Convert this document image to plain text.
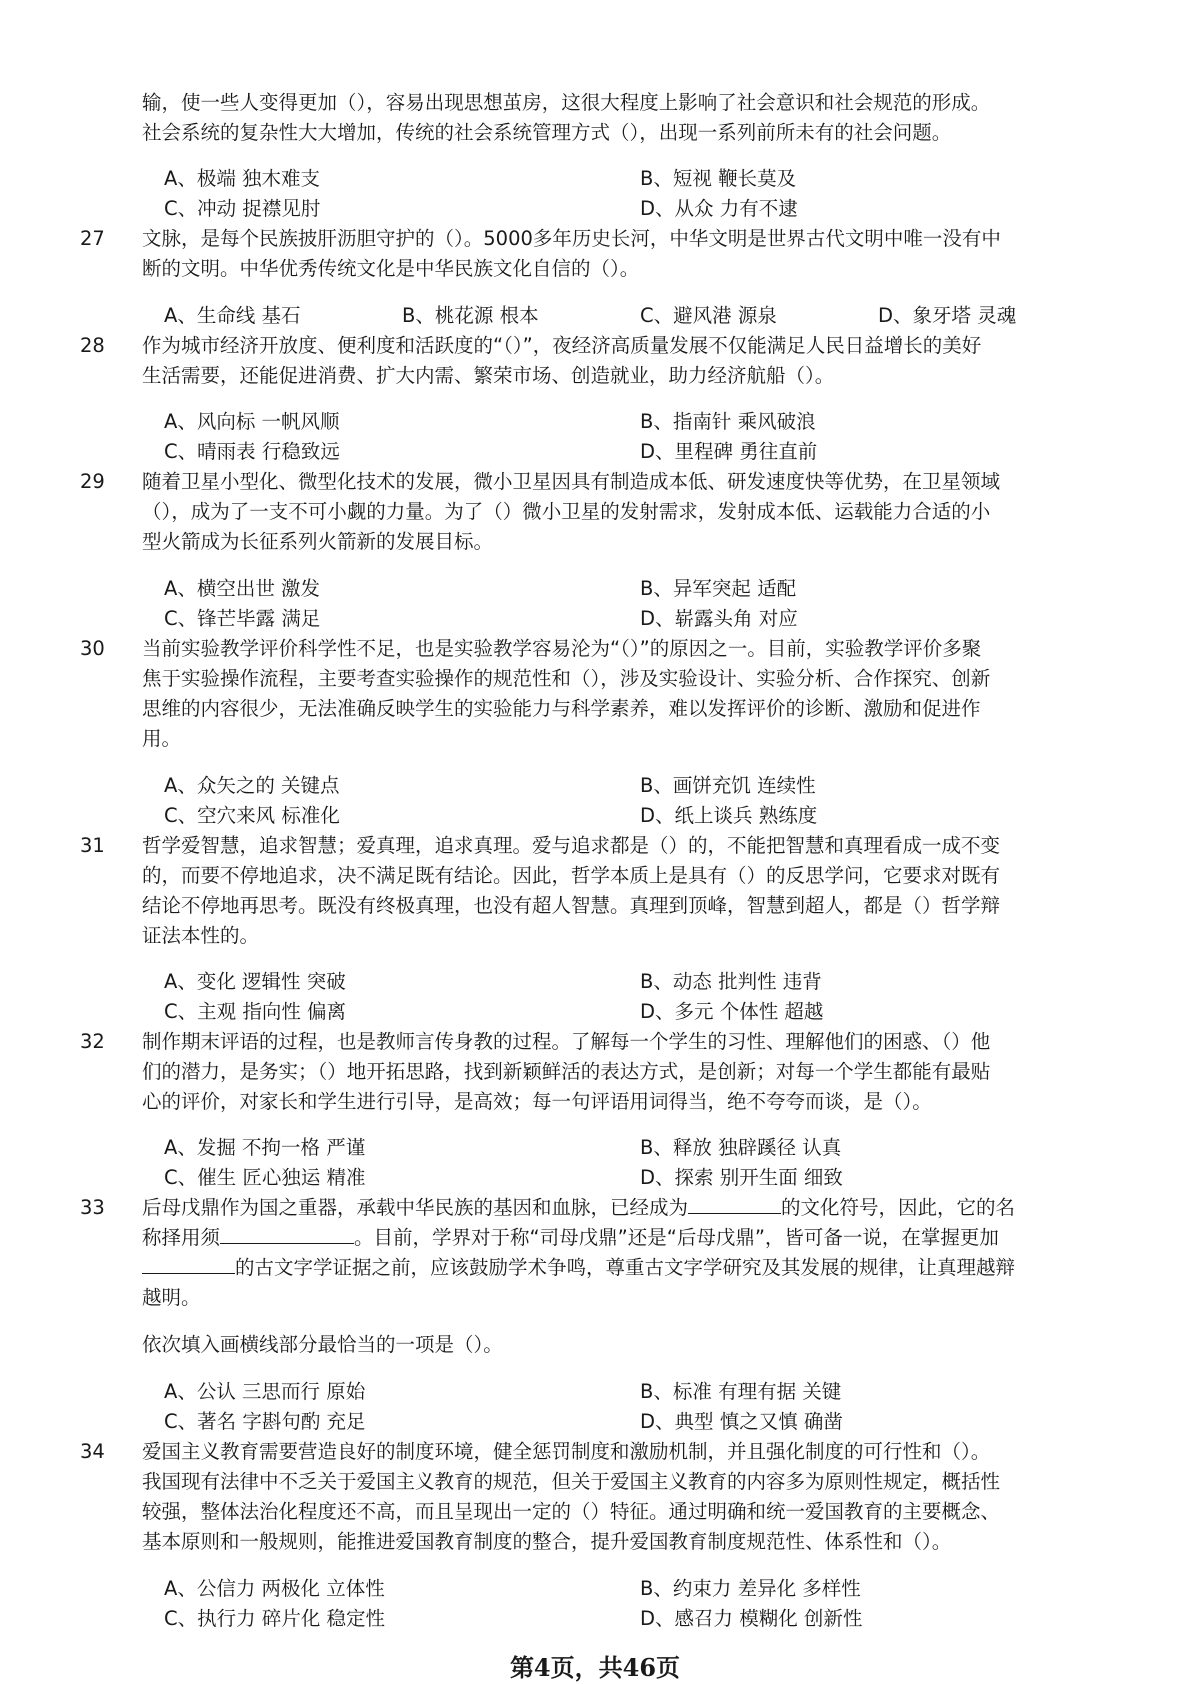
输，使一些人变得更加（），容易出现思想茧房，这很大程度上影响了社会意识和社会规范的形成。
社会系统的复杂性大大增加，传统的社会系统管理方式（），出现一系列前所未有的社会问题。
A、极端 独木难支	B、短视 鞭长莫及
C、冲动 捉襟见肘	D、从众 力有不逮
27 文脉，是每个民族披肝沥胆守护的（）。5000多年历史长河，中华文明是世界古代文明中唯一没有中
断的文明。中华优秀传统文化是中华民族文化自信的（）。
A、生命线 基石	B、桃花源 根本	C、避风港 源泉	D、象牙塔 灵魂
28 作为城市经济开放度、便利度和活跃度的“（）”，夜经济高质量发展不仅能满足人民日益增长的美好
生活需要，还能促进消费、扩大内需、繁荣市场、创造就业，助力经济航船（）。
A、风向标 一帆风顺	B、指南针 乘风破浪
C、晴雨表 行稳致远	D、里程碑 勇往直前
29 随着卫星小型化、微型化技术的发展，微小卫星因具有制造成本低、研发速度快等优势，在卫星领域
（），成为了一支不可小觑的力量。为了（）微小卫星的发射需求，发射成本低、运载能力合适的小
型火箭成为长征系列火箭新的发展目标。
A、横空出世 激发	B、异军突起 适配
C、锋芒毕露 满足	D、崭露头角 对应
30 当前实验教学评价科学性不足，也是实验教学容易沦为“（）”的原因之一。目前，实验教学评价多聚
焦于实验操作流程，主要考查实验操作的规范性和（），涉及实验设计、实验分析、合作探究、创新
思维的内容很少，无法准确反映学生的实验能力与科学素养，难以发挥评价的诊断、激励和促进作
用。
A、众矢之的 关键点	B、画饼充饥 连续性
C、空穴来风 标准化	D、纸上谈兵 熟练度
31 哲学爱智慧，追求智慧；爱真理，追求真理。爱与追求都是（）的，不能把智慧和真理看成一成不变
的，而要不停地追求，决不满足既有结论。因此，哲学本质上是具有（）的反思学问，它要求对既有
结论不停地再思考。既没有终极真理，也没有超人智慧。真理到顶峰，智慧到超人，都是（）哲学辩
证法本性的。
A、变化 逻辑性 突破	B、动态 批判性 违背
C、主观 指向性 偏离	D、多元 个体性 超越
32 制作期末评语的过程，也是教师言传身教的过程。了解每一个学生的习性、理解他们的困惑、（）他
们的潜力，是务实；（）地开拓思路，找到新颖鲜活的表达方式，是创新；对每一个学生都能有最贴
心的评价，对家长和学生进行引导，是高效；每一句评语用词得当，绝不夸夸而谈，是（）。
A、发掘 不拘一格 严谨	B、释放 独辟蹊径 认真
C、催生 匠心独运 精准	D、探索 别开生面 细致
33 后母戊鼎作为国之重器，承载中华民族的基因和血脉，已经成为	的文化符号，因此，它的名
称择用须	。目前，学界对于称“司母戊鼎”还是“后母戊鼎”，皆可备一说，在掌握更加
的古文字学证据之前，应该鼓励学术争鸣，尊重古文字学研究及其发展的规律，让真理越辩
越明。
依次填入画横线部分最恰当的一项是（）。
A、公认 三思而行 原始	B、标准 有理有据 关键
C、著名 字斟句酌 充足	D、典型 慎之又慎 确凿
34 爱国主义教育需要营造良好的制度环境，健全惩罚制度和激励机制，并且强化制度的可行性和（）。
我国现有法律中不乏关于爱国主义教育的规范，但关于爱国主义教育的内容多为原则性规定，概括性
较强，整体法治化程度还不高，而且呈现出一定的（）特征。通过明确和统一爱国教育的主要概念、
基本原则和一般规则，能推进爱国教育制度的整合，提升爱国教育制度规范性、体系性和（）。
A、公信力 两极化 立体性	B、约束力 差异化 多样性
C、执行力 碎片化 稳定性	D、感召力 模糊化 创新性
第4页，共46页
